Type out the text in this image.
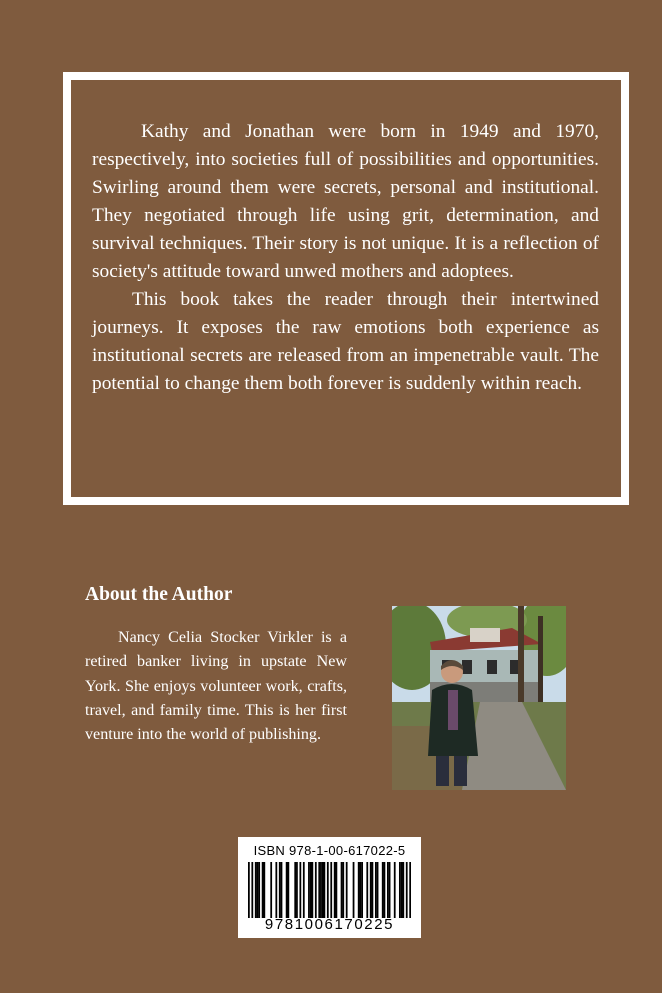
Kathy and Jonathan were born in 1949 and 1970, respectively, into societies full of possibilities and opportunities. Swirling around them were secrets, personal and institutional. They negotiated through life using grit, determination, and survival techniques. Their story is not unique. It is a reflection of society's attitude toward unwed mothers and adoptees.

This book takes the reader through their intertwined journeys. It exposes the raw emotions both experience as institutional secrets are released from an impenetrable vault. The potential to change them both forever is suddenly within reach.

About the Author

Nancy Celia Stocker Virkler is a retired banker living in upstate New York. She enjoys volunteer work, crafts, travel, and family time. This is her first venture into the world of publishing.

ISBN 978-1-00-617022-5
9781006170225
